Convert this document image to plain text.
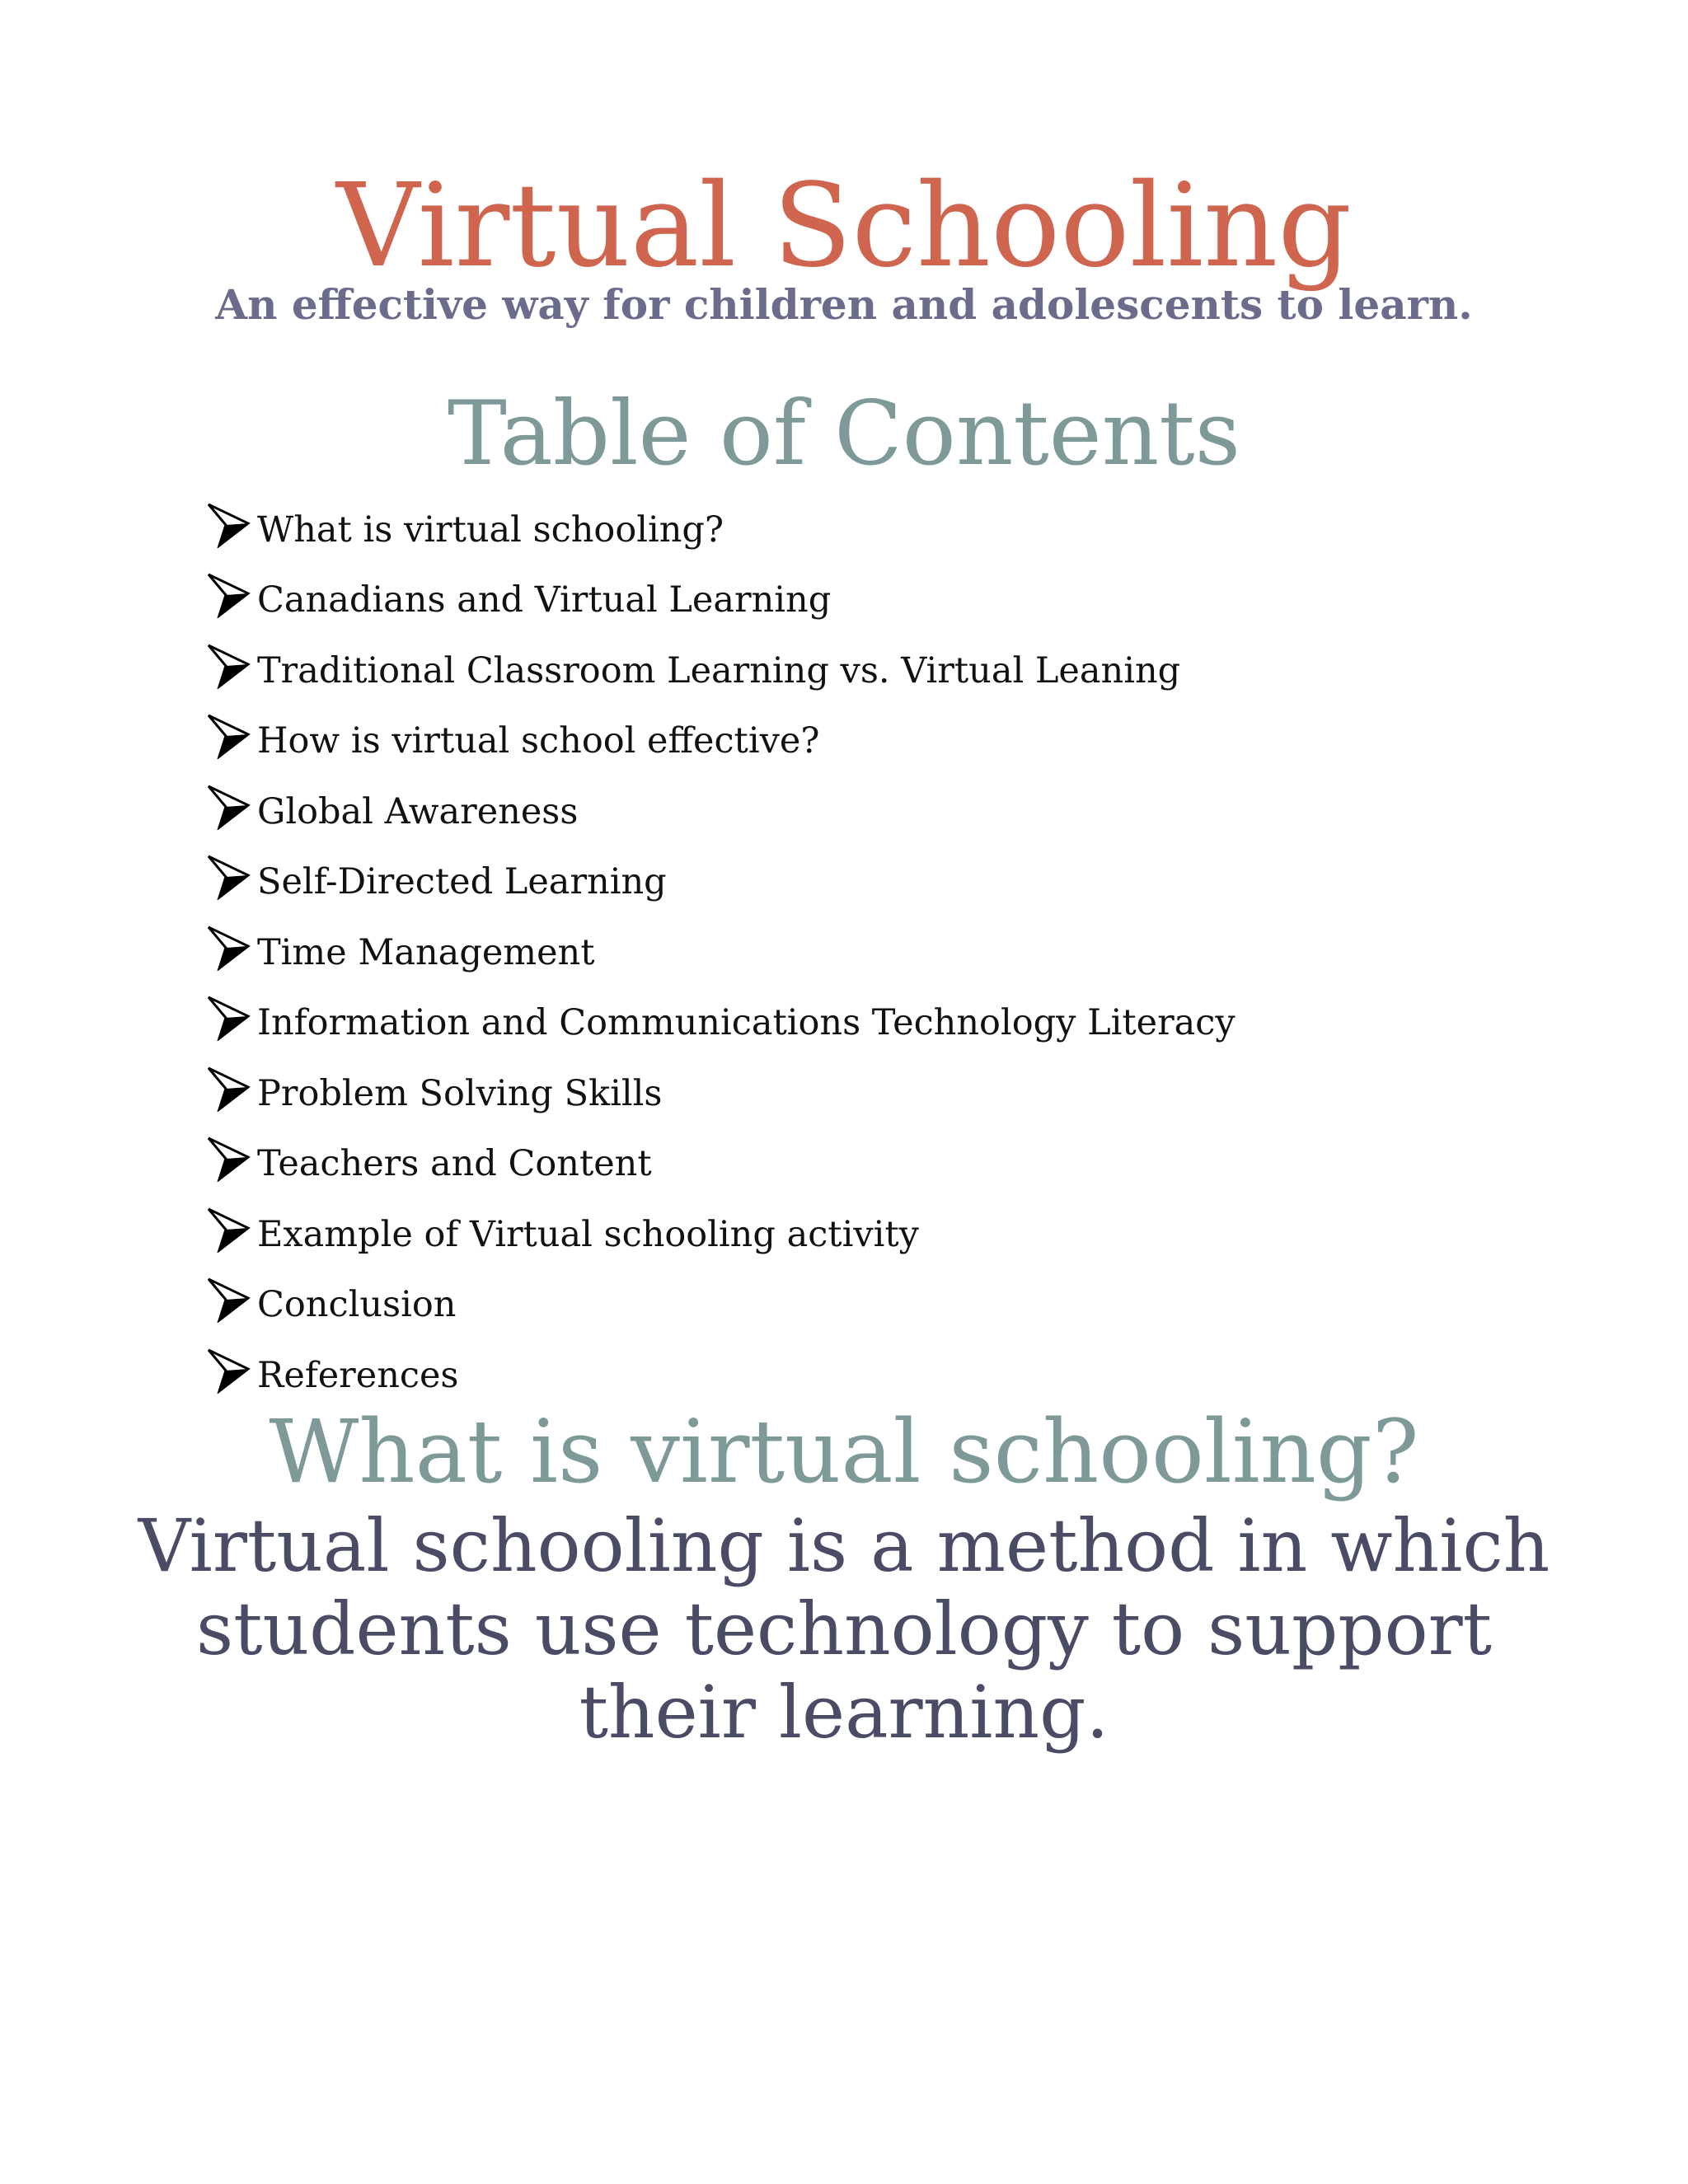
Virtual Schooling
An effective way for children and adolescents to learn.
Table of Contents
What is virtual schooling?
Canadians and Virtual Learning
Traditional Classroom Learning vs. Virtual Leaning
How is virtual school effective?
Global Awareness
Self-Directed Learning
Time Management
Information and Communications Technology Literacy
Problem Solving Skills
Teachers and Content
Example of Virtual schooling activity
Conclusion
References
What is virtual schooling?

Virtual schooling is a method in which students use technology to support their learning.
